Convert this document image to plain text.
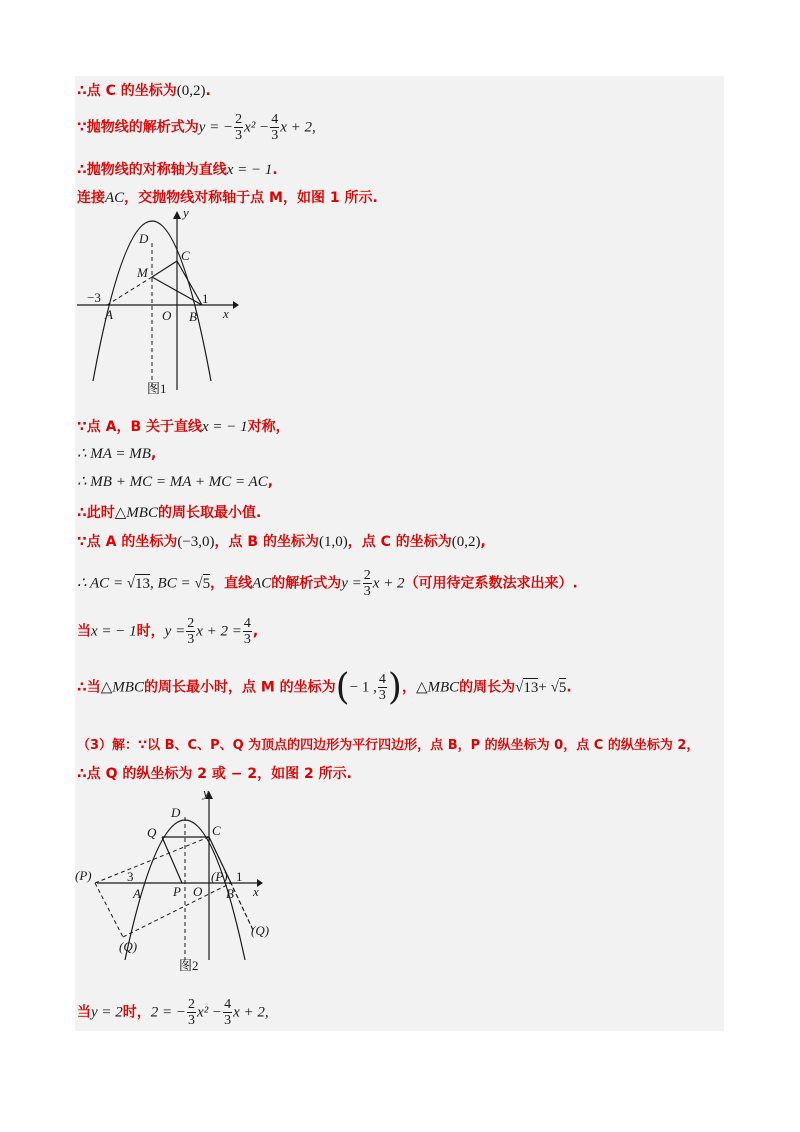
∴点 C 的坐标为(0,2).
∵抛物线的解析式为y = − $\frac{2}{3} x^2 - \frac{4}{3}$ x + 2,
∴抛物线的对称轴为直线x = − 1.
连接AC，交抛物线对称轴于点 M，如图 1 所示.
y
x
D
C
M
−3	1
A	O B
图1
∵点 A，B 关于直线x = − 1对称，
∴ MA = MB,
∴ MB + MC = MA + MC = AC,
∴此时△MBC的周长取最小值.
∵点 A 的坐标为(−3,0)，点 B 的坐标为(1,0)，点 C 的坐标为(0,2),
∴ AC = √13, BC = √5，直线AC的解析式为$y = \frac{2}{3}$ x + 2（可用待定系数法求出来）.
当x = − 1时，$y = \frac{2}{3}$ $x + 2 = \frac{4}{3}$ ,
∴当△MBC的周长最小时，点 M 的坐标为(− 1 , $\frac{4}{3}$ )，△MBC的周长为√13+ √5.
（3）解：∵以 B、C、P、Q 为顶点的四边形为平行四边形，点 B，P 的纵坐标为 0，点 C 的纵坐标为 2，
∴点 Q 的纵坐标为 2 或 − 2，如图 2 所示.
y
x
D
Q	C
(P)	3
A P O
(P) 1
B
(Q)
(Q)
图2
当y = 2时，2 = − $\frac{2}{3} x^2 - \frac{4}{3}$ x + 2,
